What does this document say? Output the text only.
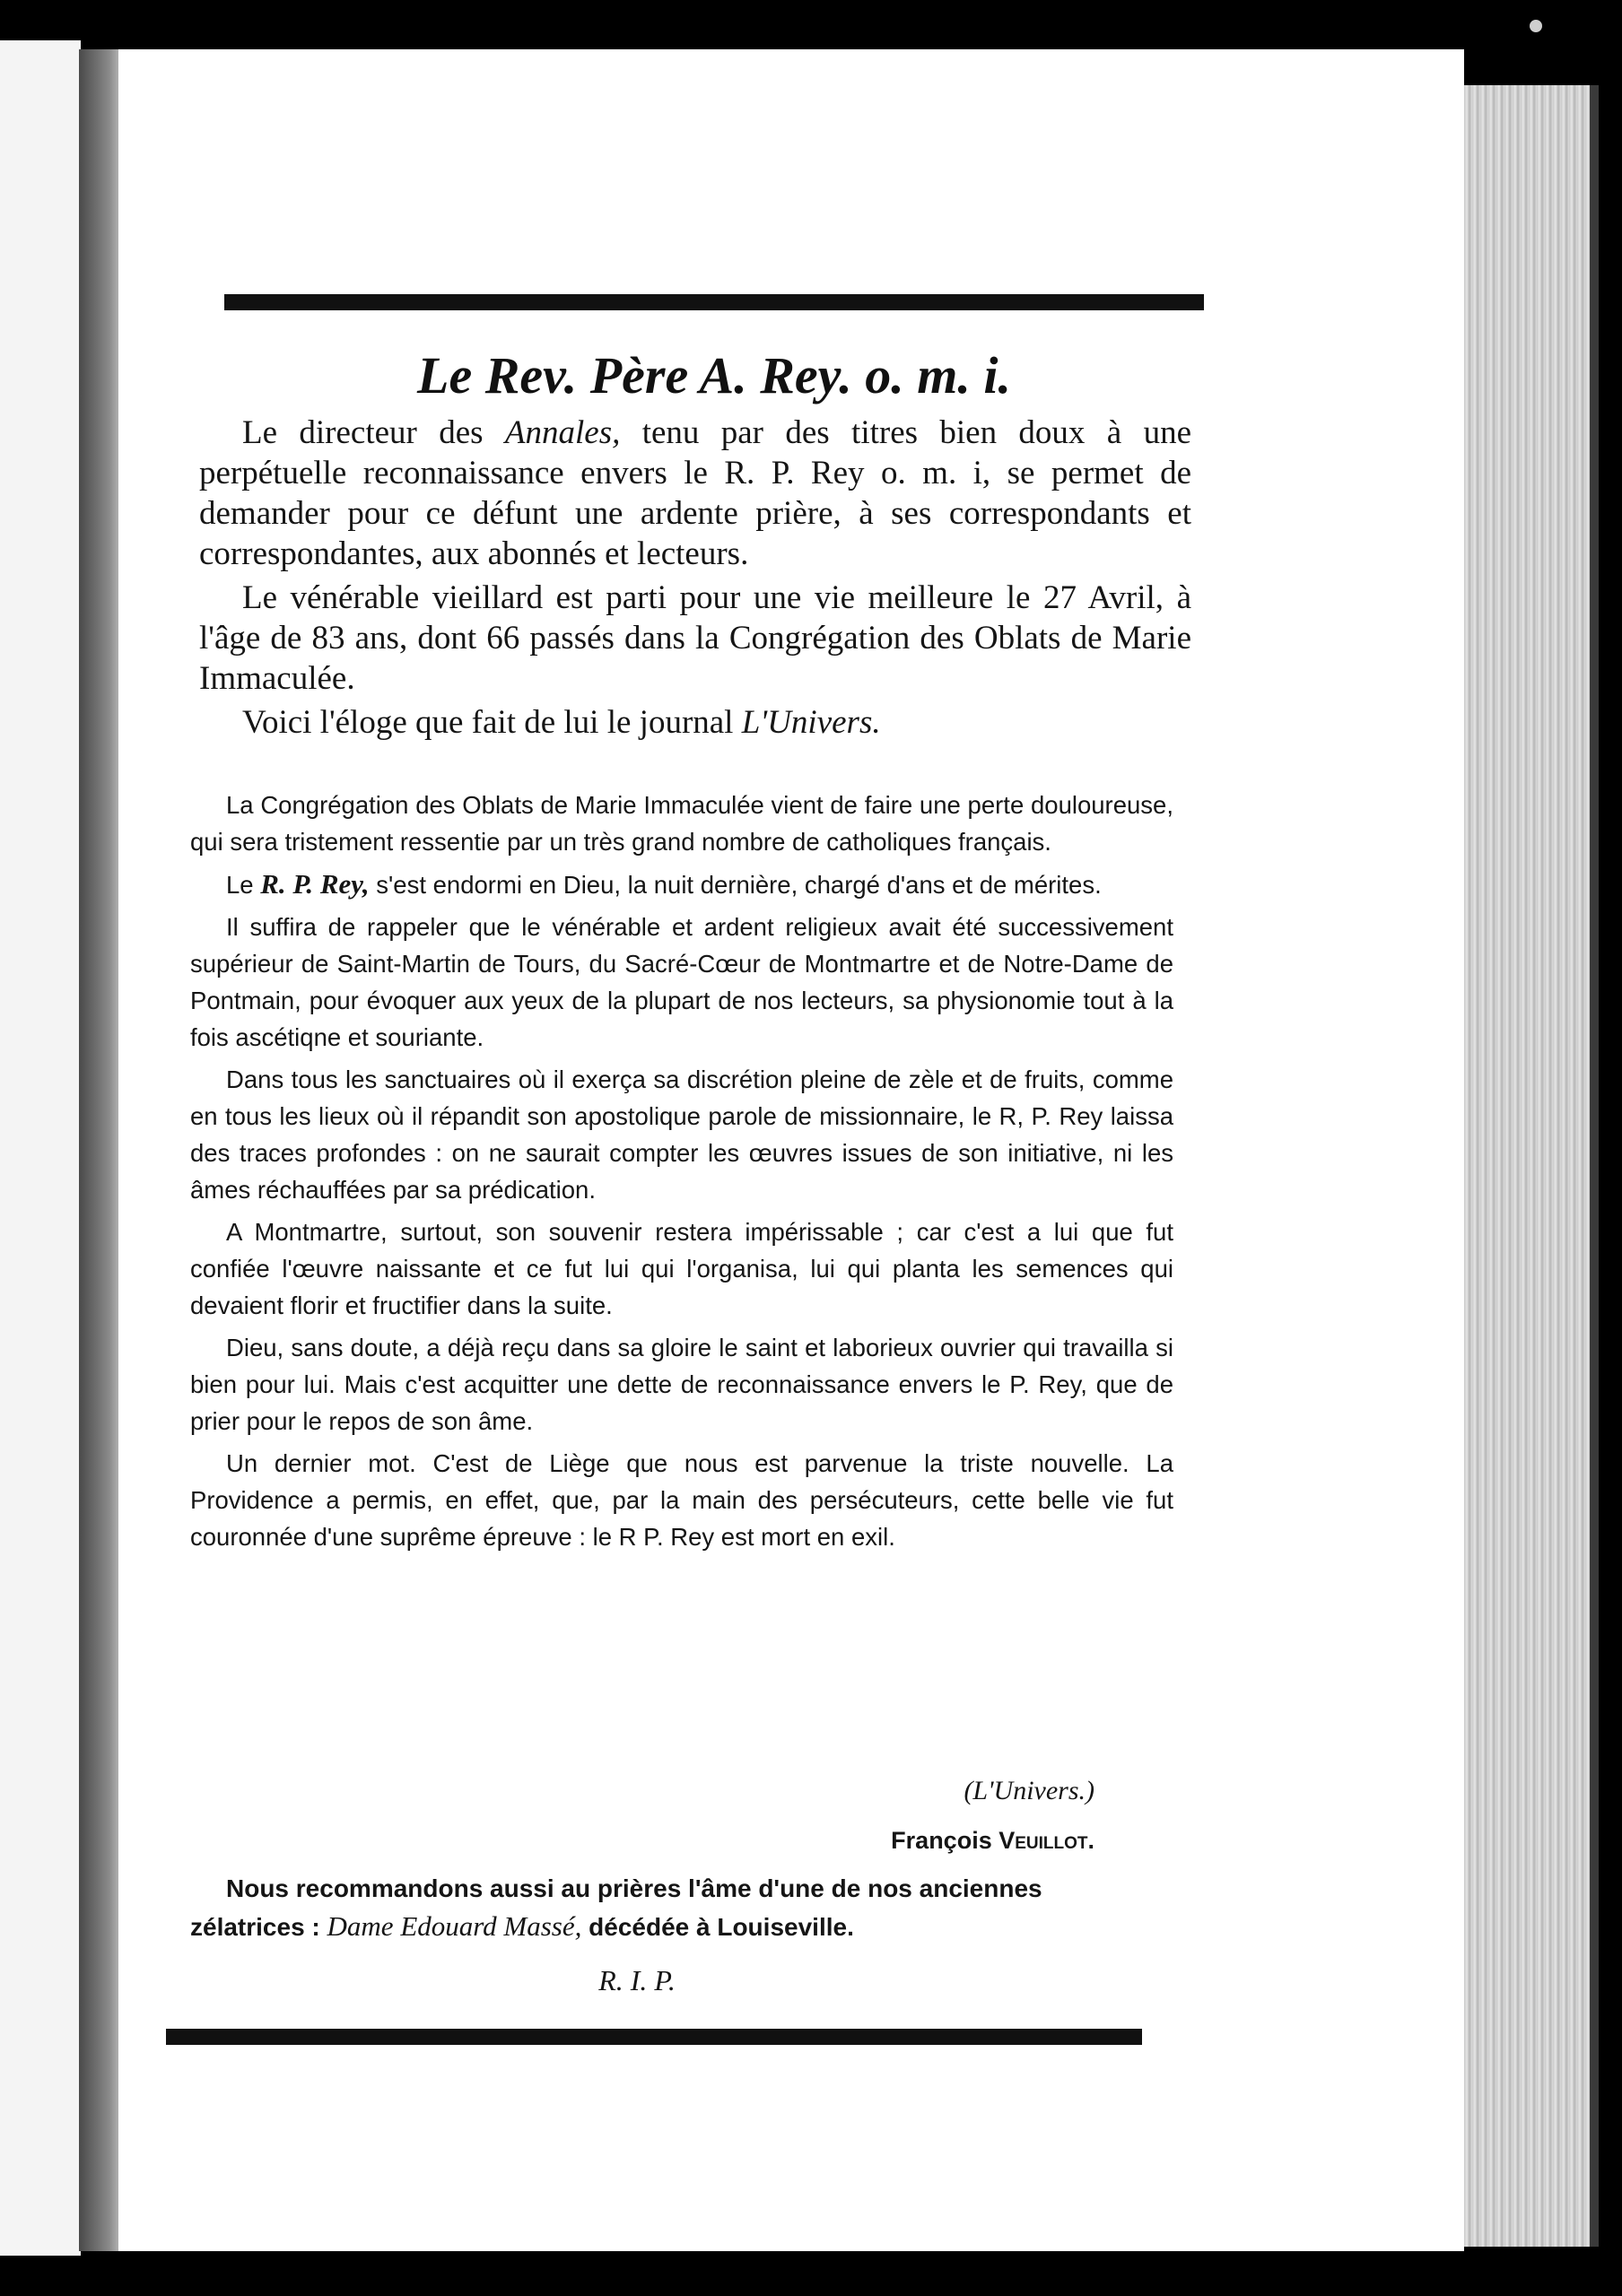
Le Rev. Père A. Rey. o. m. i.

Le directeur des Annales, tenu par des titres bien doux à une perpétuelle reconnaissance envers le R. P. Rey o. m. i, se permet de demander pour ce défunt une ardente prière, à ses correspondants et correspondantes, aux abonnés et lecteurs.

Le vénérable vieillard est parti pour une vie meilleure le 27 Avril, à l'âge de 83 ans, dont 66 passés dans la Congrégation des Oblats de Marie Immaculée.

Voici l'éloge que fait de lui le journal L'Univers.

La Congrégation des Oblats de Marie Immaculée vient de faire une perte douloureuse, qui sera tristement ressentie par un très grand nombre de catholiques français.

Le R. P. Rey, s'est endormi en Dieu, la nuit dernière, chargé d'ans et de mérites.

Il suffira de rappeler que le vénérable et ardent religieux avait été successivement supérieur de Saint-Martin de Tours, du Sacré-Cœur de Montmartre et de Notre-Dame de Pontmain, pour évoquer aux yeux de la plupart de nos lecteurs, sa physionomie tout à la fois ascétiqne et souriante.

Dans tous les sanctuaires où il exerça sa discrétion pleine de zèle et de fruits, comme en tous les lieux où il répandit son apostolique parole de missionnaire, le R, P. Rey laissa des traces profondes : on ne saurait compter les œuvres issues de son initiative, ni les âmes réchauffées par sa prédication.

A Montmartre, surtout, son souvenir restera impérissable ; car c'est a lui que fut confiée l'œuvre naissante et ce fut lui qui l'organisa, lui qui planta les semences qui devaient florir et fructifier dans la suite.

Dieu, sans doute, a déjà reçu dans sa gloire le saint et laborieux ouvrier qui travailla si bien pour lui. Mais c'est acquitter une dette de reconnaissance envers le P. Rey, que de prier pour le repos de son âme.

Un dernier mot. C'est de Liège que nous est parvenue la triste nouvelle. La Providence a permis, en effet, que, par la main des persécuteurs, cette belle vie fut couronnée d'une suprême épreuve : le R P. Rey est mort en exil.

(L'Univers.)
François Veuillot.
Nous recommandons aussi au prières l'âme d'une de nos anciennes zélatrices : Dame Edouard Massé, décédée à Louiseville.
R. I. P.
